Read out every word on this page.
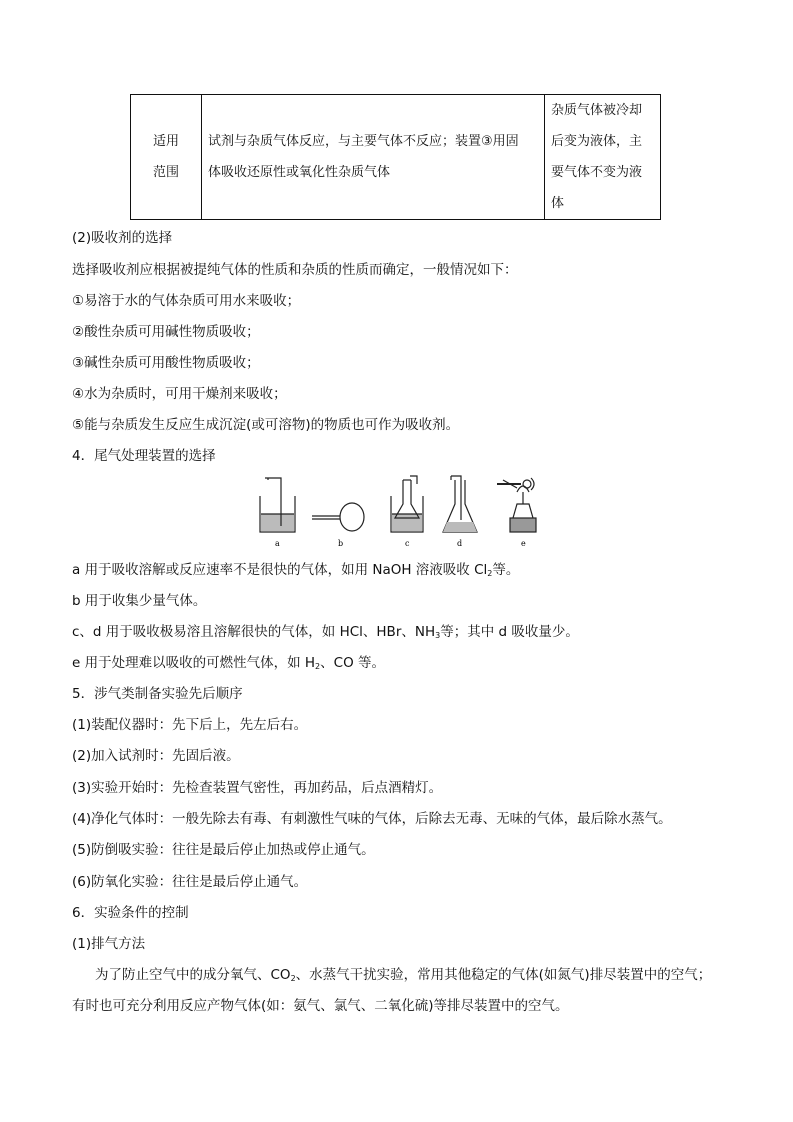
适用
范围

试剂与杂质气体反应，与主要气体不反应；装置③用固
体吸收还原性或氧化性杂质气体

杂质气体被冷却
后变为液体，主
要气体不变为液
体
(2)吸收剂的选择
选择吸收剂应根据被提纯气体的性质和杂质的性质而确定，一般情况如下：
①易溶于水的气体杂质可用水来吸收；
②酸性杂质可用碱性物质吸收；
③碱性杂质可用酸性物质吸收；
④水为杂质时，可用干燥剂来吸收；
⑤能与杂质发生反应生成沉淀(或可溶物)的物质也可作为吸收剂。
4．尾气处理装置的选择
a	b	c	d	e
a 用于吸收溶解或反应速率不是很快的气体，如用 NaOH 溶液吸收 $Cl_2$等。
b 用于收集少量气体。
c、d 用于吸收极易溶且溶解很快的气体，如 HCl、HBr、$NH_3$等；其中 d 吸收量少。
e 用于处理难以吸收的可燃性气体，如 $H_2$、CO 等。
5．涉气类制备实验先后顺序
(1)装配仪器时：先下后上，先左后右。
(2)加入试剂时：先固后液。
(3)实验开始时：先检查装置气密性，再加药品，后点酒精灯。
(4)净化气体时：一般先除去有毒、有刺激性气味的气体，后除去无毒、无味的气体，最后除水蒸气。
(5)防倒吸实验：往往是最后停止加热或停止通气。
(6)防氧化实验：往往是最后停止通气。
6．实验条件的控制
(1)排气方法
为了防止空气中的成分氧气、$CO_2$、水蒸气干扰实验，常用其他稳定的气体(如氮气)排尽装置中的空气；
有时也可充分利用反应产物气体(如：氨气、氯气、二氧化硫)等排尽装置中的空气。
